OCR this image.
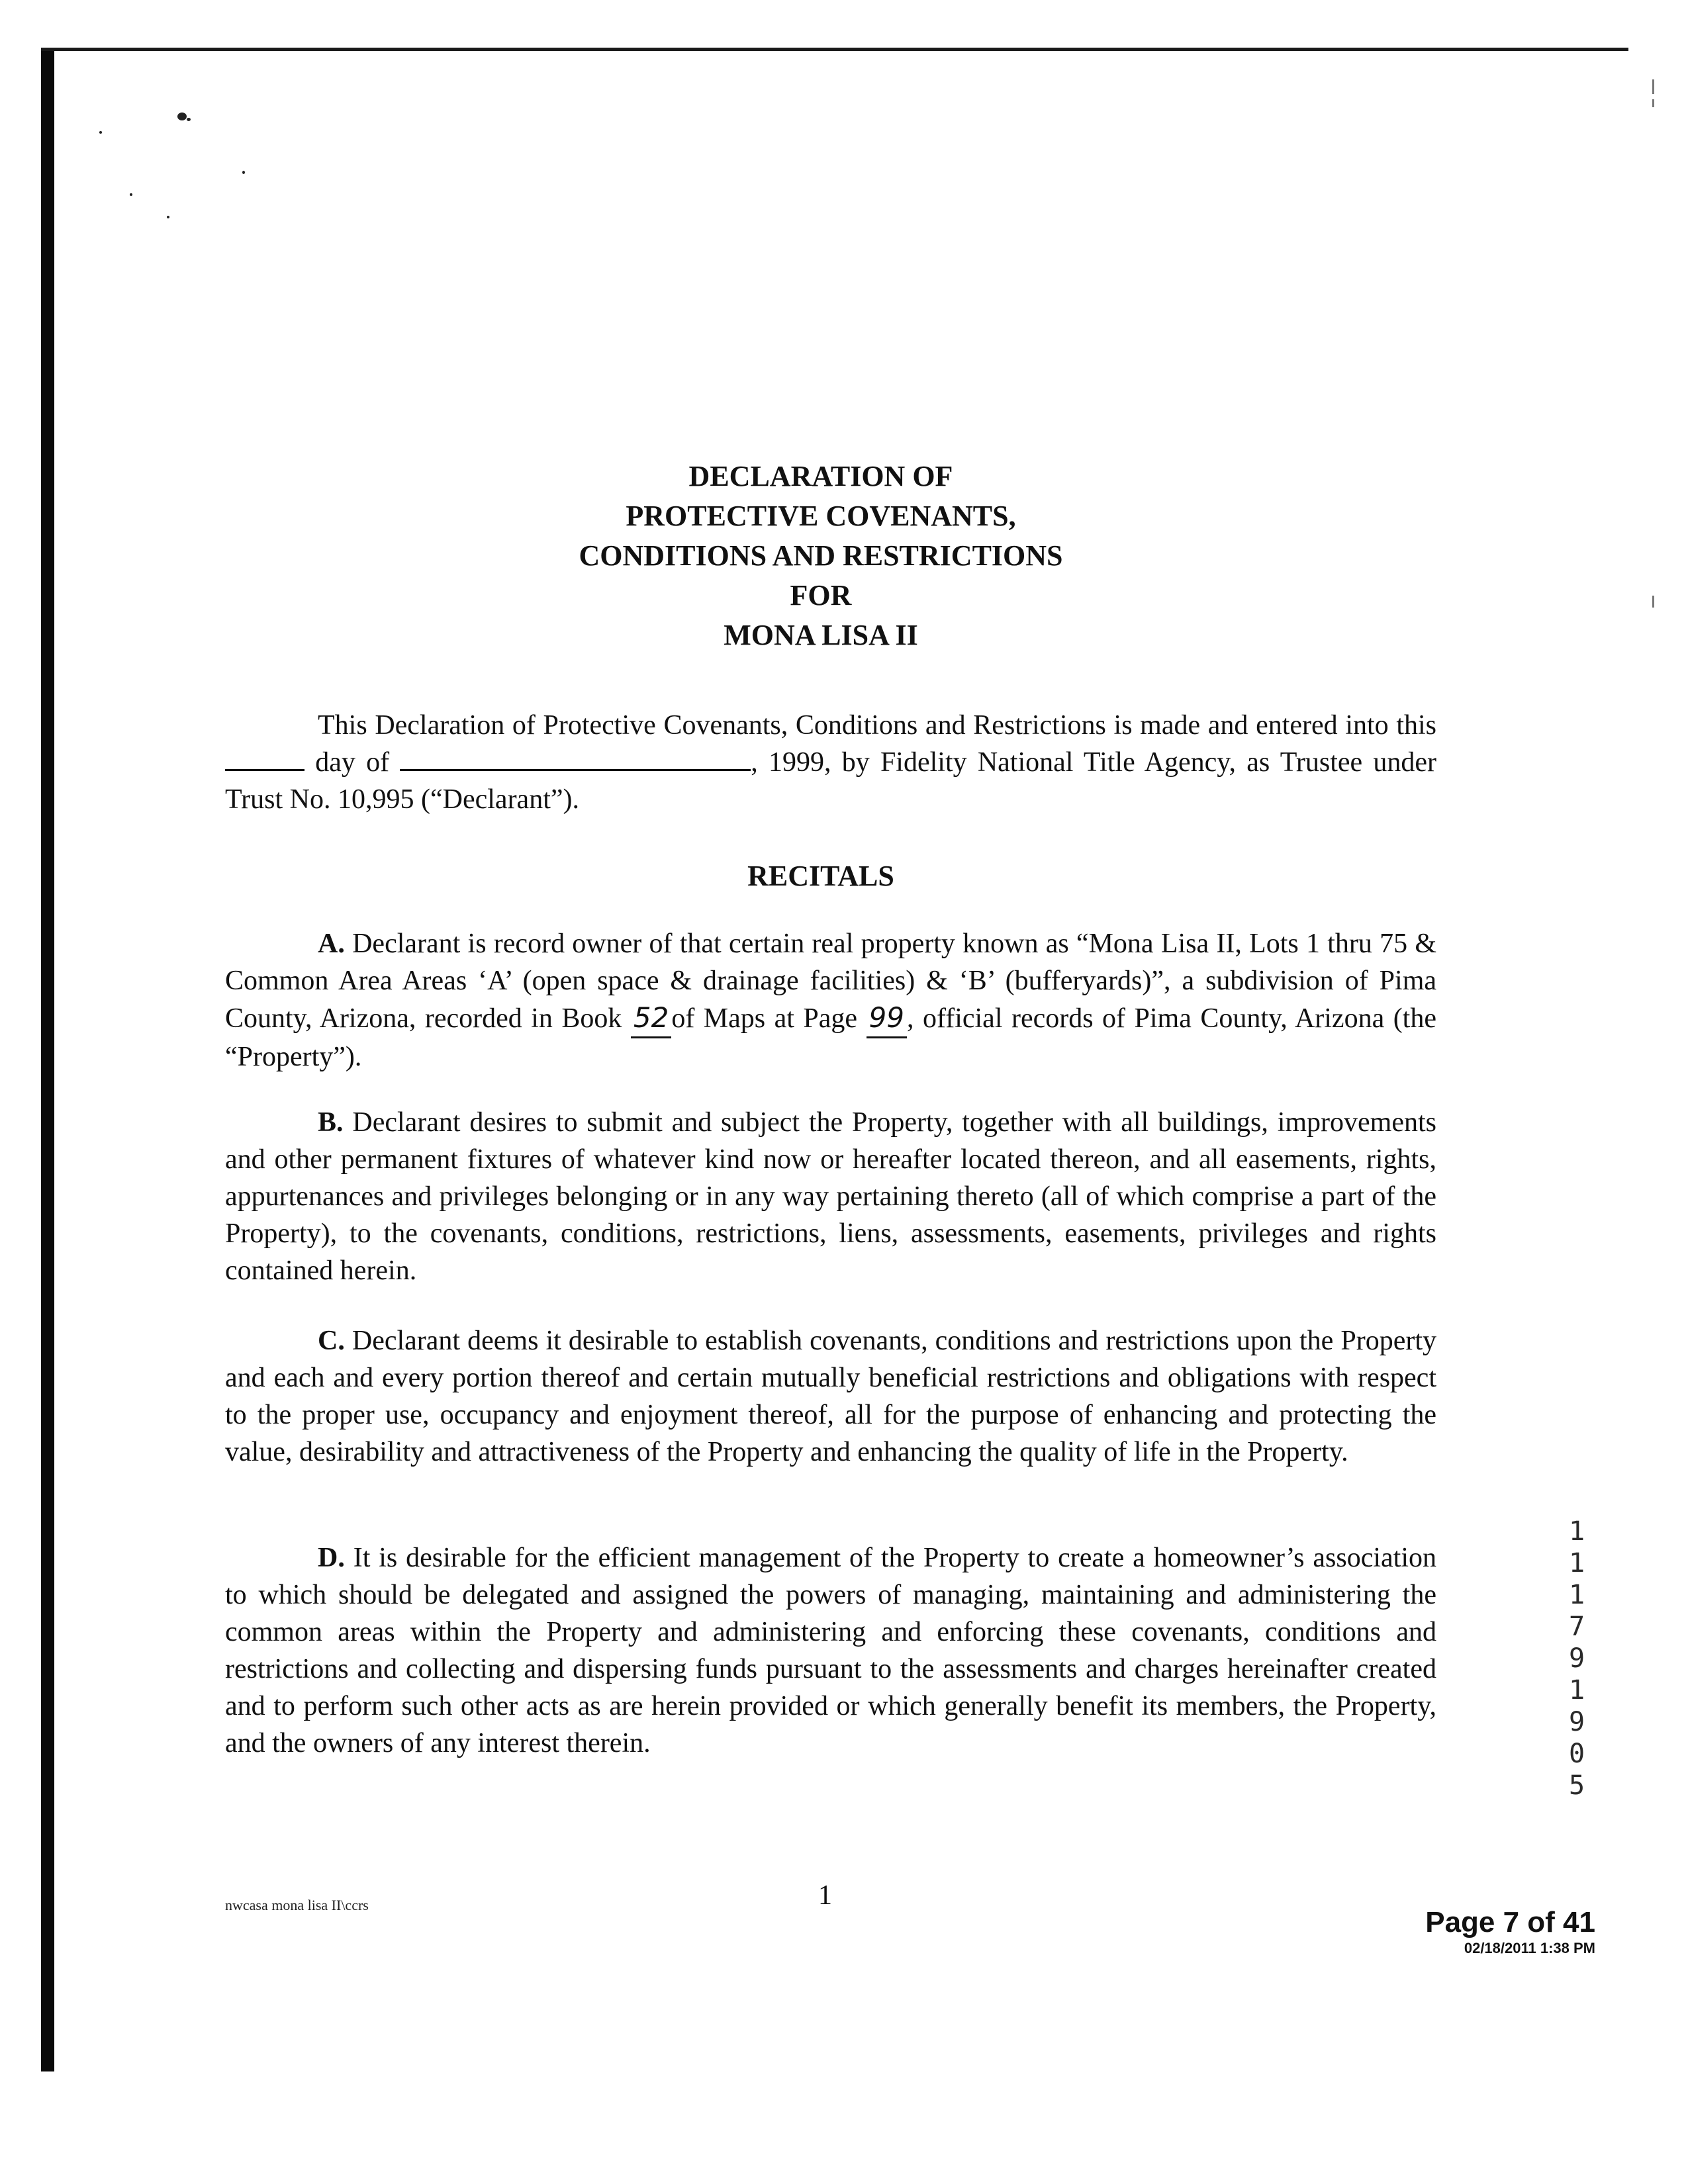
DECLARATION OF
PROTECTIVE COVENANTS,
CONDITIONS AND RESTRICTIONS
FOR
MONA LISA II

This Declaration of Protective Covenants, Conditions and Restrictions is made and entered into this  day of	, 1999, by Fidelity National Title Agency, as Trustee under Trust No. 10,995 (“Declarant”).

RECITALS

A. Declarant is record owner of that certain real property known as “Mona Lisa II, Lots 1 thru 75 & Common Area Areas ‘A’ (open space & drainage facilities) & ‘B’ (bufferyards)”, a subdivision of Pima County, Arizona, recorded in Book 52of Maps at Page 99, official records of Pima County, Arizona (the “Property”).

B. Declarant desires to submit and subject the Property, together with all buildings, improvements and other permanent fixtures of whatever kind now or hereafter located thereon, and all easements, rights, appurtenances and privileges belonging or in any way pertaining thereto (all of which comprise a part of the Property), to the covenants, conditions, restrictions, liens, assessments, easements, privileges and rights contained herein.

C. Declarant deems it desirable to establish covenants, conditions and restrictions upon the Property and each and every portion thereof and certain mutually beneficial restrictions and obligations with respect to the proper use, occupancy and enjoyment thereof, all for the purpose of enhancing and protecting the value, desirability and attractiveness of the Property and enhancing the quality of life in the Property.

D. It is desirable for the efficient management of the Property to create a homeowner’s association to which should be delegated and assigned the powers of managing, maintaining and administering the common areas within the Property and administering and enforcing these covenants, conditions and restrictions and collecting and dispersing funds pursuant to the assessments and charges hereinafter created and to perform such other acts as are herein provided or which generally benefit its members, the Property, and the owners of any interest therein.

1
1
1
7
9
1
9
0
5
nwcasa mona lisa II\ccrs	1
Page 7 of 41
02/18/2011 1:38 PM
